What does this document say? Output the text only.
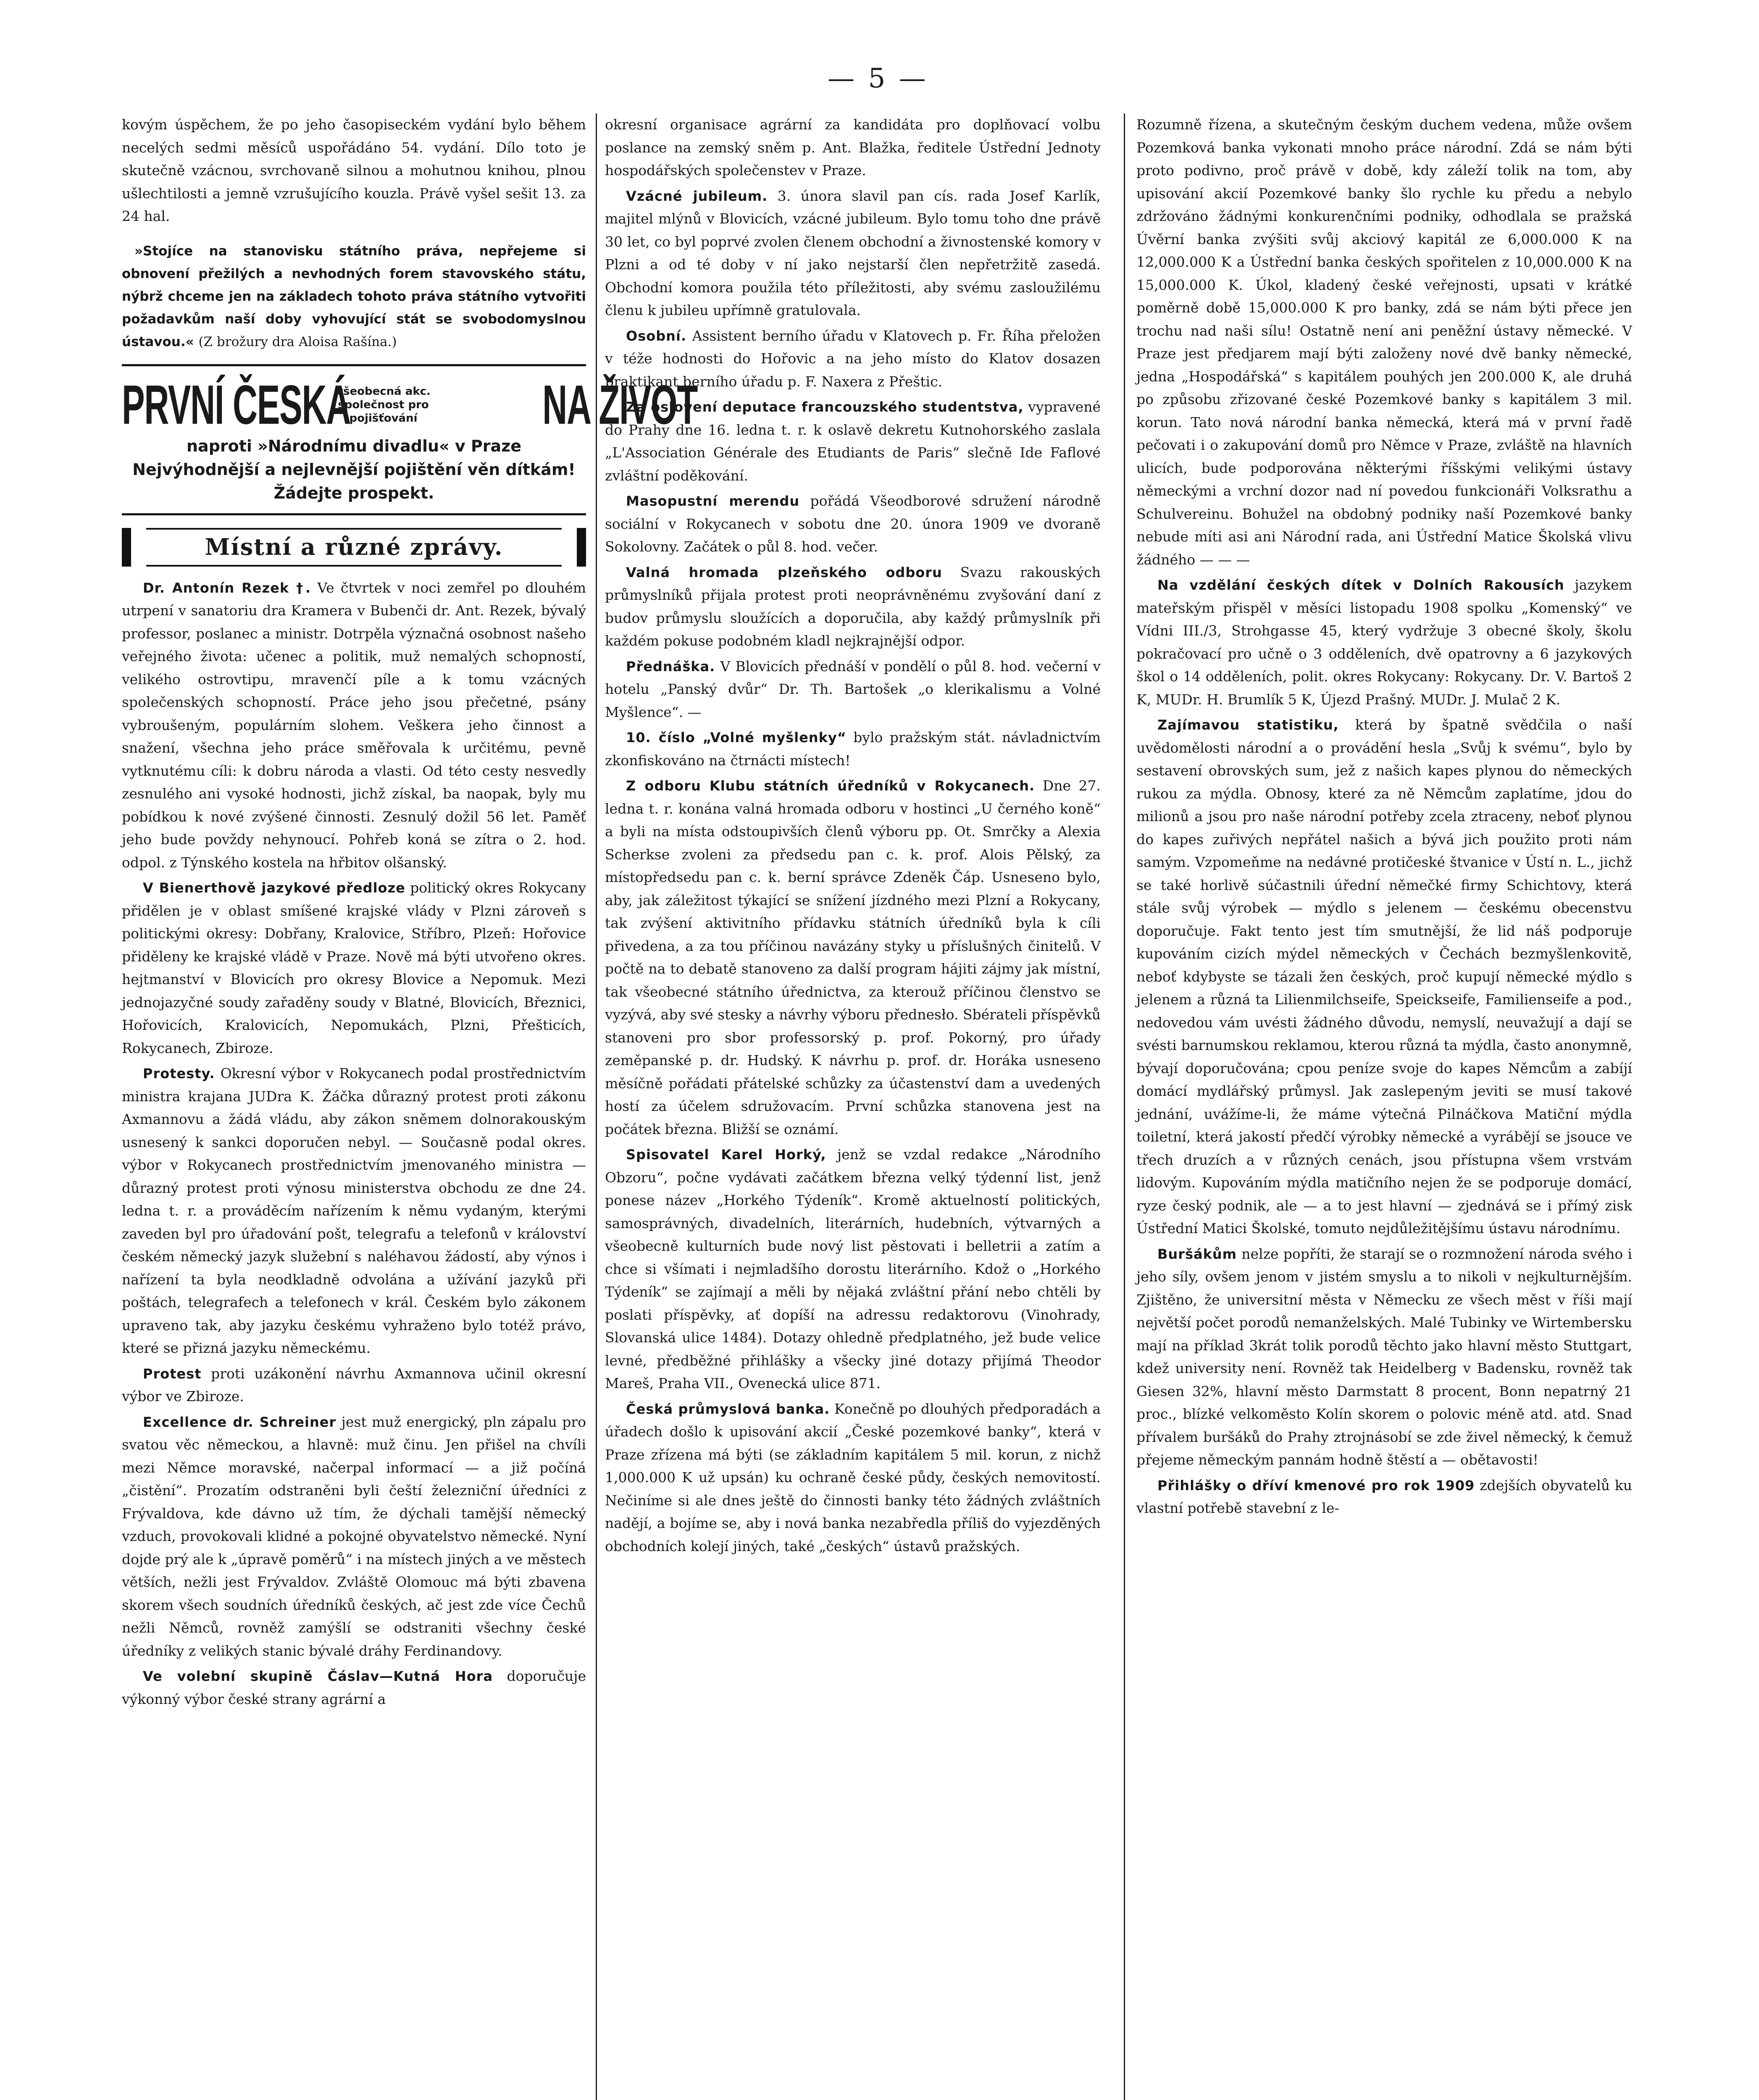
— 5 —

kovým úspěchem, že po jeho časopiseckém vydání bylo během necelých sedmi měsíců uspořádáno 54. vydání. Dílo toto je skutečně vzácnou, svrchovaně silnou a mohutnou knihou, plnou ušlechtilosti a jemně vzrušujícího kouzla. Právě vyšel sešit 13. za 24 hal.

»Stojíce na stanovisku státního práva, nepřejeme si obnovení přežilých a nevhodných forem stavovského státu, nýbrž chceme jen na základech tohoto práva státního vytvořiti požadavkům naší doby vyhovující stát se svobodomyslnou ústavou.« (Z brožury dra Aloisa Rašína.)

PRVNÍ ČESKÁ
všeobecná akc. společnost pro pojišťování	NA ŽIVOT
naproti »Národnímu divadlu« v Praze
Nejvýhodnější a nejlevnější pojištění věn dítkám!
Žádejte prospekt.
Místní a různé zprávy.

Dr. Antonín Rezek †. Ve čtvrtek v noci zemřel po dlouhém utrpení v sanatoriu dra Kramera v Bubenči dr. Ant. Rezek, bývalý professor, poslanec a ministr. Dotrpěla význačná osobnost našeho veřejného života: učenec a politik, muž nemalých schopností, velikého ostrovtipu, mravenčí píle a k tomu vzácných společenských schopností. Práce jeho jsou přečetné, psány vybroušeným, populárním slohem. Veškera jeho činnost a snažení, všechna jeho práce směřovala k určitému, pevně vytknutému cíli: k dobru národa a vlasti. Od této cesty nesvedly zesnulého ani vysoké hodnosti, jichž získal, ba naopak, byly mu pobídkou k nové zvýšené činnosti. Zesnulý dožil 56 let. Paměť jeho bude povždy nehynoucí. Pohřeb koná se zítra o 2. hod. odpol. z Týnského kostela na hřbitov olšanský.

V Bienerthově jazykové předloze politický okres Rokycany přidělen je v oblast smíšené krajské vlády v Plzni zároveň s politickými okresy: Dobřany, Kralovice, Stříbro, Plzeň: Hořovice přiděleny ke krajské vládě v Praze. Nově má býti utvořeno okres. hejtmanství v Blovicích pro okresy Blovice a Nepomuk. Mezi jednojazyčné soudy zařaděny soudy v Blatné, Blovicích, Březnici, Hořovicích, Kralovicích, Nepomukách, Plzni, Přešticích, Rokycanech, Zbiroze.

Protesty. Okresní výbor v Rokycanech podal prostřednictvím ministra krajana JUDra K. Žáčka důrazný protest proti zákonu Axmannovu a žádá vládu, aby zákon sněmem dolnorakouským usnesený k sankci doporučen nebyl. — Současně podal okres. výbor v Rokycanech prostřednictvím jmenovaného ministra — důrazný protest proti výnosu ministerstva obchodu ze dne 24. ledna t. r. a prováděcím nařízením k němu vydaným, kterými zaveden byl pro úřadování pošt, telegrafu a telefonů v království českém německý jazyk služební s naléhavou žádostí, aby výnos i nařízení ta byla neodkladně odvolána a užívání jazyků při poštách, telegrafech a telefonech v král. Českém bylo zákonem upraveno tak, aby jazyku českému vyhraženo bylo totéž právo, které se přizná jazyku německému.

Protest proti uzákonění návrhu Axmannova učinil okresní výbor ve Zbiroze.

Excellence dr. Schreiner jest muž energický, pln zápalu pro svatou věc německou, a hlavně: muž činu. Jen přišel na chvíli mezi Němce moravské, načerpal informací — a již počíná „čistění“. Prozatím odstraněni byli čeští železniční úředníci z Frývaldova, kde dávno už tím, že dýchali tamější německý vzduch, provokovali klidné a pokojné obyvatelstvo německé. Nyní dojde prý ale k „úpravě poměrů“ i na místech jiných a ve městech větších, nežli jest Frývaldov. Zvláště Olomouc má býti zbavena skorem všech soudních úředníků českých, ač jest zde více Čechů nežli Němců, rovněž zamýšlí se odstraniti všechny české úředníky z velikých stanic bývalé dráhy Ferdinandovy.

Ve volební skupině Čáslav—Kutná Hora doporučuje výkonný výbor české strany agrární a

okresní organisace agrární za kandidáta pro doplňovací volbu poslance na zemský sněm p. Ant. Blažka, ředitele Ústřední Jednoty hospodářských společenstev v Praze.

Vzácné jubileum. 3. února slavil pan cís. rada Josef Karlík, majitel mlýnů v Blovicích, vzácné jubileum. Bylo tomu toho dne právě 30 let, co byl poprvé zvolen členem obchodní a živnostenské komory v Plzni a od té doby v ní jako nejstarší člen nepřetržitě zasedá. Obchodní komora použila této příležitosti, aby svému zasloužilému členu k jubileu upřímně gratulovala.

Osobní. Assistent berního úřadu v Klatovech p. Fr. Říha přeložen v téže hodnosti do Hořovic a na jeho místo do Klatov dosazen praktikant berního úřadu p. F. Naxera z Přeštic.

Za oslovení deputace francouzského studentstva, vypravené do Prahy dne 16. ledna t. r. k oslavě dekretu Kutnohorského zaslala „L'Association Générale des Etudiants de Paris“ slečně Ide Faflové zvláštní poděkování.

Masopustní merendu pořádá Všeodborové sdružení národně sociální v Rokycanech v sobotu dne 20. února 1909 ve dvoraně Sokolovny. Začátek o půl 8. hod. večer.

Valná hromada plzeňského odboru Svazu rakouských průmyslníků přijala protest proti neoprávněnému zvyšování daní z budov průmyslu sloužících a doporučila, aby každý průmyslník při každém pokuse podobném kladl nejkrajnější odpor.

Přednáška. V Blovicích přednáší v pondělí o půl 8. hod. večerní v hotelu „Panský dvůr“ Dr. Th. Bartošek „o klerikalismu a Volné Myšlence“. —

10. číslo „Volné myšlenky“ bylo pražským stát. návladnictvím zkonfiskováno na čtrnácti místech!

Z odboru Klubu státních úředníků v Rokycanech. Dne 27. ledna t. r. konána valná hromada odboru v hostinci „U černého koně“ a byli na místa odstoupivších členů výboru pp. Ot. Smrčky a Alexia Scherkse zvoleni za předsedu pan c. k. prof. Alois Pělský, za místopředsedu pan c. k. berní správce Zdeněk Čáp. Usneseno bylo, aby, jak záležitost týkající se snížení jízdného mezi Plzní a Rokycany, tak zvýšení aktivitního přídavku státních úředníků byla k cíli přivedena, a za tou příčinou navázány styky u příslušných činitelů. V počtě na to debatě stanoveno za další program hájiti zájmy jak místní, tak všeobecné státního úřednictva, za kterouž příčinou členstvo se vyzývá, aby své stesky a návrhy výboru přednesło. Sbérateli příspěvků stanoveni pro sbor professorský p. prof. Pokorný, pro úřady zeměpanské p. dr. Hudský. K návrhu p. prof. dr. Horáka usneseno měsíčně pořádati přátelské schůzky za účastenství dam a uvedených hostí za účelem sdružovacím. První schůzka stanovena jest na počátek března. Bližší se oznámí.

Spisovatel Karel Horký, jenž se vzdal redakce „Národního Obzoru“, počne vydávati začátkem března velký týdenní list, jenž ponese název „Horkého Týdeník“. Kromě aktuelností politických, samosprávných, divadelních, literárních, hudebních, výtvarných a všeobecně kulturních bude nový list pěstovati i belletrii a zatím a chce si všímati i nejmladšího dorostu literárního. Kdož o „Horkého Týdeník“ se zajímají a měli by nějaká zvláštní přání nebo chtěli by poslati příspěvky, ať dopíší na adressu redaktorovu (Vinohrady, Slovanská ulice 1484). Dotazy ohledně předplatného, jež bude velice levné, předběžné přihlášky a všecky jiné dotazy přijímá Theodor Mareš, Praha VII., Ovenecká ulice 871.

Česká průmyslová banka. Konečně po dlouhých předporadách a úřadech došlo k upisování akcií „České pozemkové banky“, která v Praze zřízena má býti (se základním kapitálem 5 mil. korun, z nichž 1,000.000 K už upsán) ku ochraně české půdy, českých nemovitostí. Nečiníme si ale dnes ještě do činnosti banky této žádných zvláštních nadějí, a bojíme se, aby i nová banka nezabředla příliš do vyjezděných obchodních kolejí jiných, také „českých“ ústavů pražských.

Rozumně řízena, a skutečným českým duchem vedena, může ovšem Pozemková banka vykonati mnoho práce národní. Zdá se nám býti proto podivno, proč právě v době, kdy záleží tolik na tom, aby upisování akcií Pozemkové banky šlo rychle ku předu a nebylo zdržováno žádnými konkurenčními podniky, odhodlala se pražská Úvěrní banka zvýšiti svůj akciový kapitál ze 6,000.000 K na 12,000.000 K a Ústřední banka českých spořitelen z 10,000.000 K na 15,000.000 K. Úkol, kladený české veřejnosti, upsati v krátké poměrně době 15,000.000 K pro banky, zdá se nám býti přece jen trochu nad naši sílu! Ostatně není ani peněžní ústavy německé. V Praze jest předjarem mají býti založeny nové dvě banky německé, jedna „Hospodářská“ s kapitálem pouhých jen 200.000 K, ale druhá po způsobu zřizované české Pozemkové banky s kapitálem 3 mil. korun. Tato nová národní banka německá, která má v první řadě pečovati i o zakupování domů pro Němce v Praze, zvláště na hlavních ulicích, bude podporována některými říšskými velikými ústavy německými a vrchní dozor nad ní povedou funkcionáři Volksrathu a Schulvereinu. Bohužel na obdobný podniky naší Pozemkové banky nebude míti asi ani Národní rada, ani Ústřední Matice Školská vlivu žádného — — —

Na vzdělání českých dítek v Dolních Rakousích jazykem mateřským přispěl v měsíci listopadu 1908 spolku „Komenský“ ve Vídni III./3, Strohgasse 45, který vydržuje 3 obecné školy, školu pokračovací pro učně o 3 odděleních, dvě opatrovny a 6 jazykových škol o 14 odděleních, polit. okres Rokycany: Rokycany. Dr. V. Bartoš 2 K, MUDr. H. Brumlík 5 K, Újezd Prašný. MUDr. J. Mulač 2 K.

Zajímavou statistiku, která by špatně svědčila o naší uvědomělosti národní a o provádění hesla „Svůj k svému“, bylo by sestavení obrovských sum, jež z našich kapes plynou do německých rukou za mýdla. Obnosy, které za ně Němcům zaplatíme, jdou do milionů a jsou pro naše národní potřeby zcela ztraceny, neboť plynou do kapes zuřivých nepřátel našich a bývá jich použito proti nám samým. Vzpomeňme na nedávné protičeské štvanice v Ústí n. L., jichž se také horlivě súčastnili úřední němečké firmy Schichtovy, která stále svůj výrobek — mýdlo s jelenem — českému obecenstvu doporučuje. Fakt tento jest tím smutnější, že lid náš podporuje kupováním cizích mýdel německých v Čechách bezmyšlenkovitě, neboť kdybyste se tázali žen českých, proč kupují německé mýdlo s jelenem a různá ta Lilienmilchseife, Speickseife, Familienseife a pod., nedovedou vám uvésti žádného důvodu, nemyslí, neuvažují a dají se svésti barnumskou reklamou, kterou různá ta mýdla, často anonymně, bývají doporučována; cpou peníze svoje do kapes Němcům a zabíjí domácí mydlářský průmysl. Jak zaslepeným jeviti se musí takové jednání, uvážíme-li, že máme výtečná Pilnáčkova Matiční mýdla toiletní, která jakostí předčí výrobky německé a vyrábějí se jsouce ve třech druzích a v různých cenách, jsou přístupna všem vrstvám lidovým. Kupováním mýdla matičního nejen že se podporuje domácí, ryze český podnik, ale — a to jest hlavní — zjednává se i přímý zisk Ústřední Matici Školské, tomuto nejdůležitějšímu ústavu národnímu.

Buršákům nelze popříti, že starají se o rozmnožení národa svého i jeho síly, ovšem jenom v jistém smyslu a to nikoli v nejkulturnějším. Zjištěno, že universitní města v Německu ze všech měst v říši mají největší počet porodů nemanželských. Malé Tubinky ve Wirtembersku mají na příklad 3krát tolik porodů těchto jako hlavní město Stuttgart, kdež university není. Rovněž tak Heidelberg v Badensku, rovněž tak Giesen 32%, hlavní město Darmstatt 8 procent, Bonn nepatrný 21 proc., blízké velkoměsto Kolín skorem o polovic méně atd. atd. Snad přívalem buršáků do Prahy ztrojnásobí se zde živel německý, k čemuž přejeme německým pannám hodně štěstí a — obětavosti!

Přihlášky o dříví kmenové pro rok 1909 zdejších obyvatelů ku vlastní potřebě stavební z le-
